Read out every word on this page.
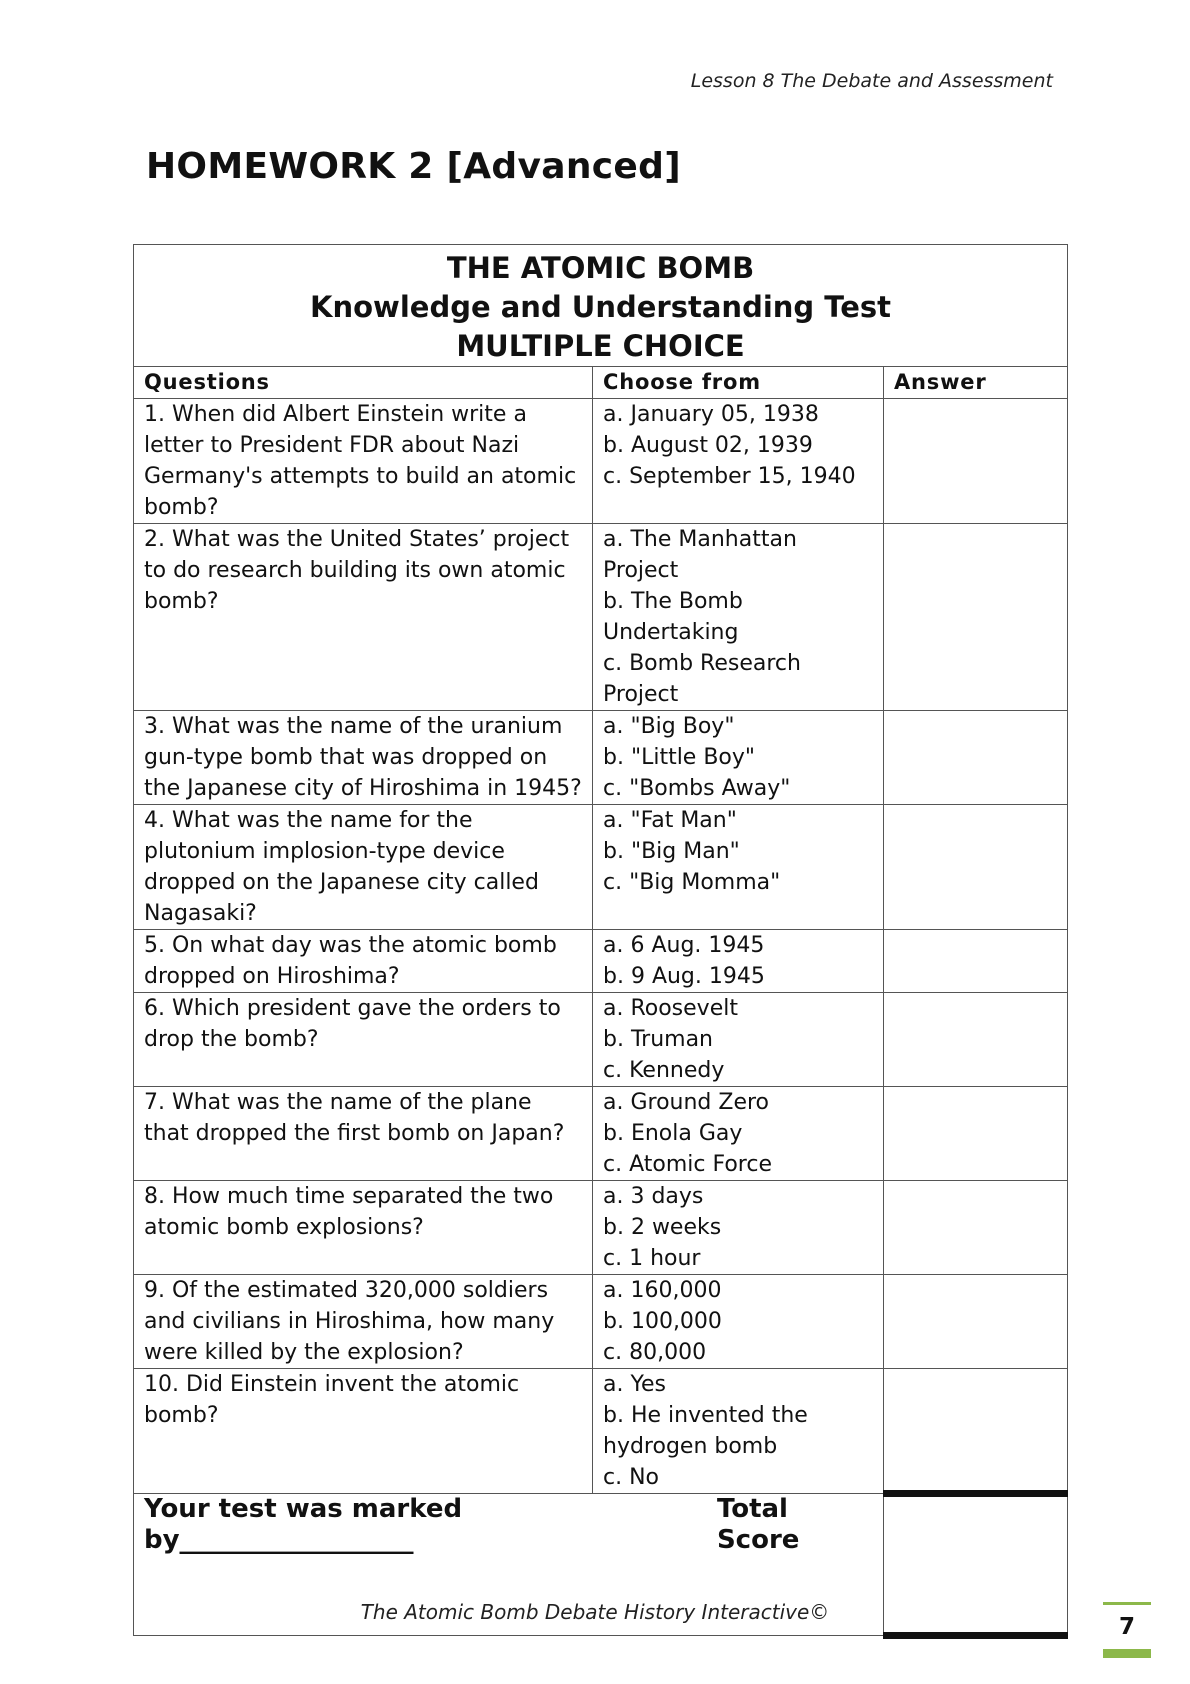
Lesson 8 The Debate and Assessment
HOMEWORK 2 [Advanced]
THE ATOMIC BOMB
Knowledge and Understanding Test
MULTIPLE CHOICE		

Questions	Choose from	Answer
1. When did Albert Einstein write a letter to President FDR about Nazi Germany's attempts to build an atomic bomb?	a. January 05, 1938
b. August 02, 1939
c. September 15, 1940	

2. What was the United States’ project to do research building its own atomic bomb?	a. The Manhattan Project
b. The Bomb Undertaking
c. Bomb Research Project	

3. What was the name of the uranium gun-type bomb that was dropped on the Japanese city of Hiroshima in 1945?	a. "Big Boy"
b. "Little Boy"
c. "Bombs Away"	

4. What was the name for the plutonium implosion-type device dropped on the Japanese city called Nagasaki?	a. "Fat Man"
b. "Big Man"
c. "Big Momma"	

5. On what day was the atomic bomb dropped on Hiroshima?	a. 6 Aug. 1945
b. 9 Aug. 1945	

6. Which president gave the orders to drop the bomb?	a. Roosevelt
b. Truman
c. Kennedy	

7. What was the name of the plane that dropped the first bomb on Japan?	a. Ground Zero
b. Enola Gay
c. Atomic Force	

8. How much time separated the two atomic bomb explosions?	a. 3 days
b. 2 weeks
c. 1 hour	

9. Of the estimated 320,000 soldiers and civilians in Hiroshima, how many were killed by the explosion?	a. 160,000
b. 100,000
c. 80,000	

10. Did Einstein invent the atomic bomb?	a. Yes
b. He invented the hydrogen bomb
c. No	

Your test was marked by__________________
Total Score		

The Atomic Bomb Debate History Interactive©
7
